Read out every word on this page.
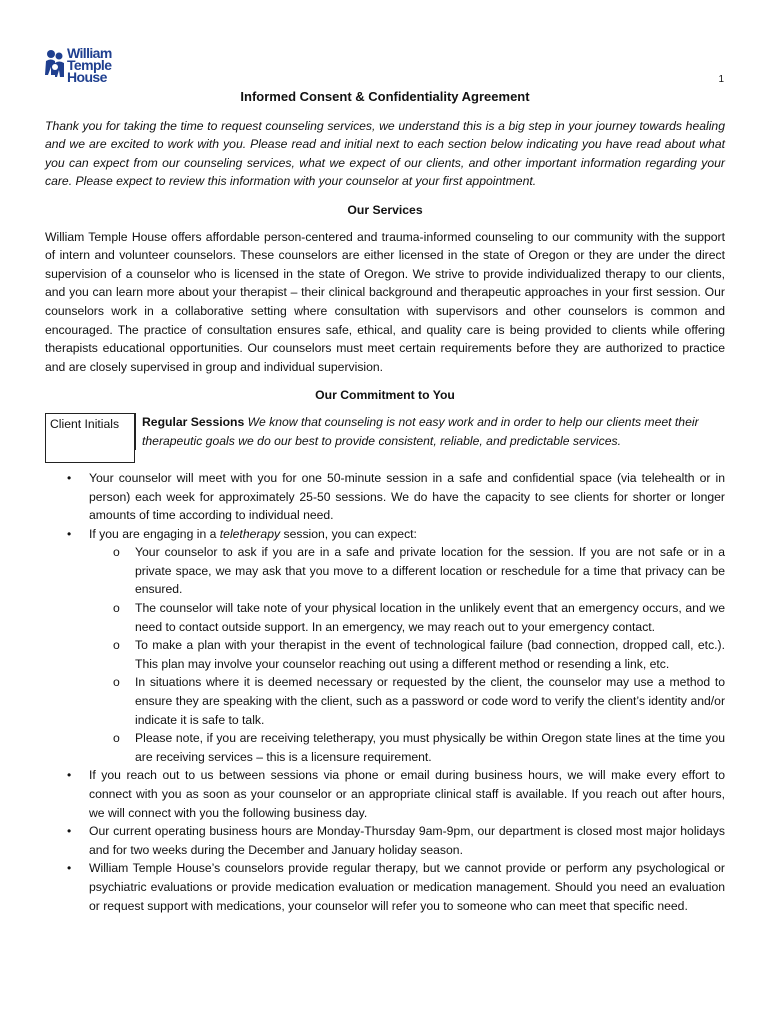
William
Temple
House	1
Informed Consent & Confidentiality Agreement

Thank you for taking the time to request counseling services, we understand this is a big step in your journey towards healing and we are excited to work with you. Please read and initial next to each section below indicating you have read about what you can expect from our counseling services, what we expect of our clients, and other important information regarding your care. Please expect to review this information with your counselor at your first appointment.

Our Services

William Temple House offers affordable person-centered and trauma-informed counseling to our community with the support of intern and volunteer counselors. These counselors are either licensed in the state of Oregon or they are under the direct supervision of a counselor who is licensed in the state of Oregon. We strive to provide individualized therapy to our clients, and you can learn more about your therapist – their clinical background and therapeutic approaches in your first session. Our counselors work in a collaborative setting where consultation with supervisors and other counselors is common and encouraged. The practice of consultation ensures safe, ethical, and quality care is being provided to clients while offering therapists educational opportunities. Our counselors must meet certain requirements before they are authorized to practice and are closely supervised in group and individual supervision.

Our Commitment to You
Client Initials	Regular Sessions We know that counseling is not easy work and in order to help our clients meet their therapeutic goals we do our best to provide consistent, reliable, and predictable services.
• Your counselor will meet with you for one 50-minute session in a safe and confidential space (via telehealth or in person) each week for approximately 25-50 sessions. We do have the capacity to see clients for shorter or longer amounts of time according to individual need.
• If you are engaging in a teletherapy session, you can expect:
o Your counselor to ask if you are in a safe and private location for the session. If you are not safe or in a private space, we may ask that you move to a different location or reschedule for a time that privacy can be ensured.
o The counselor will take note of your physical location in the unlikely event that an emergency occurs, and we need to contact outside support. In an emergency, we may reach out to your emergency contact.
o To make a plan with your therapist in the event of technological failure (bad connection, dropped call, etc.). This plan may involve your counselor reaching out using a different method or resending a link, etc.
o In situations where it is deemed necessary or requested by the client, the counselor may use a method to ensure they are speaking with the client, such as a password or code word to verify the client’s identity and/or indicate it is safe to talk.
o Please note, if you are receiving teletherapy, you must physically be within Oregon state lines at the time you are receiving services – this is a licensure requirement.
• If you reach out to us between sessions via phone or email during business hours, we will make every effort to connect with you as soon as your counselor or an appropriate clinical staff is available. If you reach out after hours, we will connect with you the following business day.
• Our current operating business hours are Monday-Thursday 9am-9pm, our department is closed most major holidays and for two weeks during the December and January holiday season.
• William Temple House’s counselors provide regular therapy, but we cannot provide or perform any psychological or psychiatric evaluations or provide medication evaluation or medication management. Should you need an evaluation or request support with medications, your counselor will refer you to someone who can meet that specific need.
